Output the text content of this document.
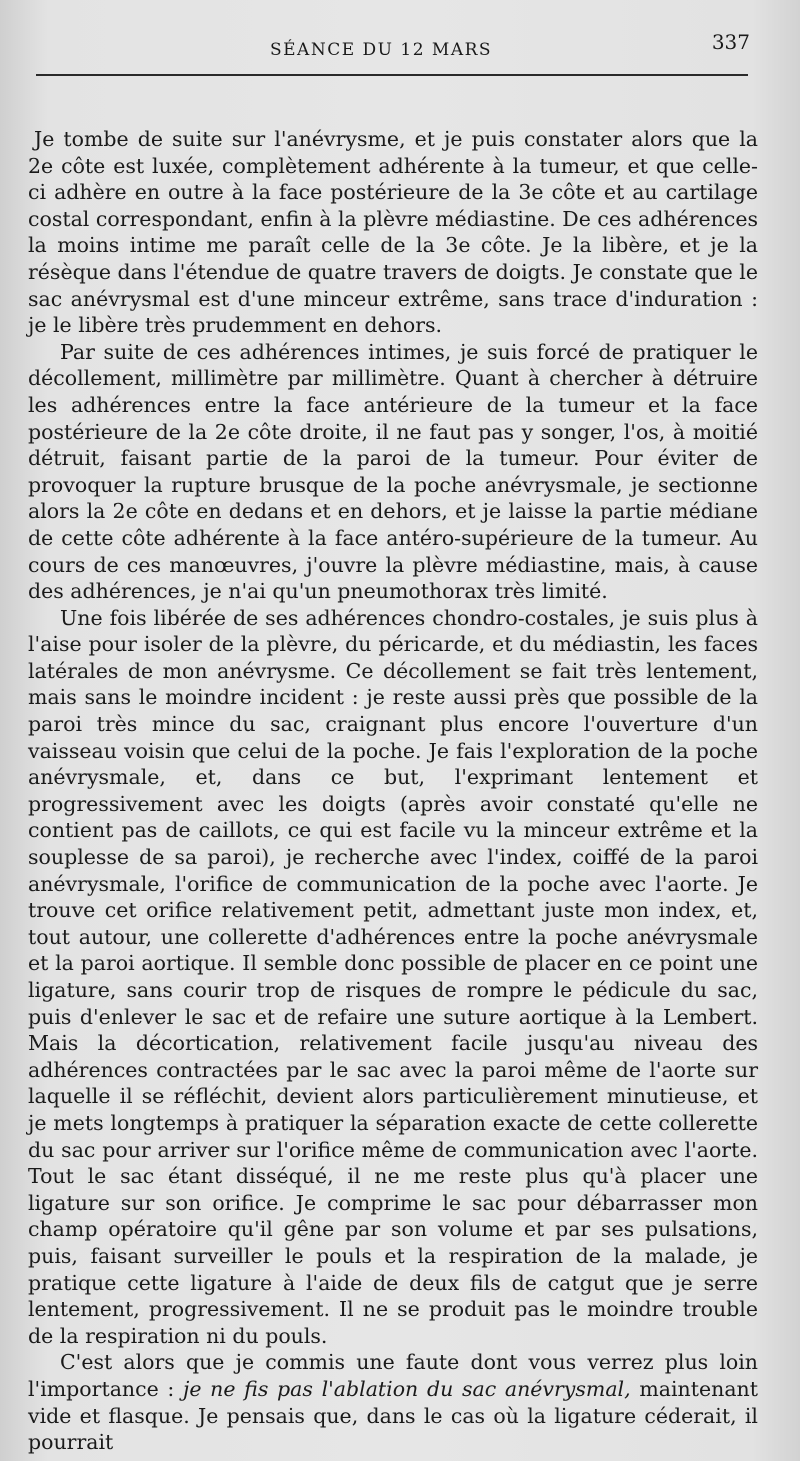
SÉANCE DU 12 MARS	337

Je tombe de suite sur l'anévrysme, et je puis constater alors que la 2e côte est luxée, complètement adhérente à la tumeur, et que celle-ci adhère en outre à la face postérieure de la 3e côte et au cartilage costal correspondant, enfin à la plèvre médiastine. De ces adhérences la moins intime me paraît celle de la 3e côte. Je la libère, et je la résèque dans l'étendue de quatre travers de doigts. Je constate que le sac anévrysmal est d'une minceur extrême, sans trace d'induration : je le libère très prudemment en dehors.

Par suite de ces adhérences intimes, je suis forcé de pratiquer le décollement, millimètre par millimètre. Quant à chercher à détruire les adhérences entre la face antérieure de la tumeur et la face postérieure de la 2e côte droite, il ne faut pas y songer, l'os, à moitié détruit, faisant partie de la paroi de la tumeur. Pour éviter de provoquer la rupture brusque de la poche anévrysmale, je sectionne alors la 2e côte en dedans et en dehors, et je laisse la partie médiane de cette côte adhérente à la face antéro-supérieure de la tumeur. Au cours de ces manœuvres, j'ouvre la plèvre médiastine, mais, à cause des adhérences, je n'ai qu'un pneumothorax très limité.

Une fois libérée de ses adhérences chondro-costales, je suis plus à l'aise pour isoler de la plèvre, du péricarde, et du médiastin, les faces latérales de mon anévrysme. Ce décollement se fait très lentement, mais sans le moindre incident : je reste aussi près que possible de la paroi très mince du sac, craignant plus encore l'ouverture d'un vaisseau voisin que celui de la poche. Je fais l'exploration de la poche anévrysmale, et, dans ce but, l'exprimant lentement et progressivement avec les doigts (après avoir constaté qu'elle ne contient pas de caillots, ce qui est facile vu la minceur extrême et la souplesse de sa paroi), je recherche avec l'index, coiffé de la paroi anévrysmale, l'orifice de communication de la poche avec l'aorte. Je trouve cet orifice relativement petit, admettant juste mon index, et, tout autour, une collerette d'adhérences entre la poche anévrysmale et la paroi aortique. Il semble donc possible de placer en ce point une ligature, sans courir trop de risques de rompre le pédicule du sac, puis d'enlever le sac et de refaire une suture aortique à la Lembert. Mais la décortication, relativement facile jusqu'au niveau des adhérences contractées par le sac avec la paroi même de l'aorte sur laquelle il se réfléchit, devient alors particulièrement minutieuse, et je mets longtemps à pratiquer la séparation exacte de cette collerette du sac pour arriver sur l'orifice même de communication avec l'aorte. Tout le sac étant disséqué, il ne me reste plus qu'à placer une ligature sur son orifice. Je comprime le sac pour débarrasser mon champ opératoire qu'il gêne par son volume et par ses pulsations, puis, faisant surveiller le pouls et la respiration de la malade, je pratique cette ligature à l'aide de deux fils de catgut que je serre lentement, progressivement. Il ne se produit pas le moindre trouble de la respiration ni du pouls.

C'est alors que je commis une faute dont vous verrez plus loin l'importance : je ne fis pas l'ablation du sac anévrysmal, maintenant vide et flasque. Je pensais que, dans le cas où la ligature céderait, il pourrait
